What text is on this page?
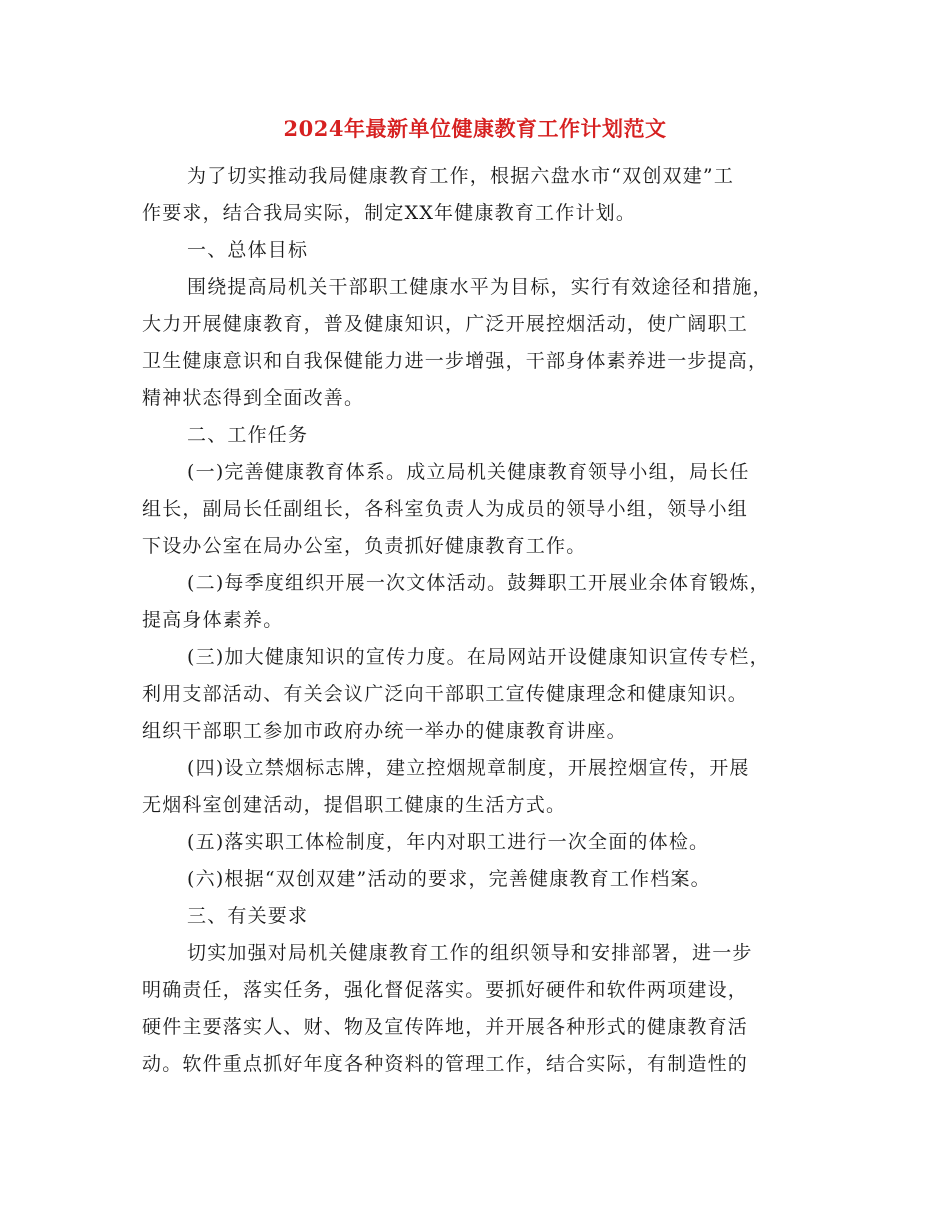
2024年最新单位健康教育工作计划范文
为了切实推动我局健康教育工作，根据六盘水市“双创双建”工
作要求，结合我局实际，制定XX年健康教育工作计划。
一、总体目标
围绕提高局机关干部职工健康水平为目标，实行有效途径和措施，
大力开展健康教育，普及健康知识，广泛开展控烟活动，使广阔职工
卫生健康意识和自我保健能力进一步增强，干部身体素养进一步提高，
精神状态得到全面改善。
二、工作任务
(一)完善健康教育体系。成立局机关健康教育领导小组，局长任
组长，副局长任副组长，各科室负责人为成员的领导小组，领导小组
下设办公室在局办公室，负责抓好健康教育工作。
(二)每季度组织开展一次文体活动。鼓舞职工开展业余体育锻炼，
提高身体素养。
(三)加大健康知识的宣传力度。在局网站开设健康知识宣传专栏，
利用支部活动、有关会议广泛向干部职工宣传健康理念和健康知识。
组织干部职工参加市政府办统一举办的健康教育讲座。
(四)设立禁烟标志牌，建立控烟规章制度，开展控烟宣传，开展
无烟科室创建活动，提倡职工健康的生活方式。
(五)落实职工体检制度，年内对职工进行一次全面的体检。
(六)根据“双创双建”活动的要求，完善健康教育工作档案。
三、有关要求
切实加强对局机关健康教育工作的组织领导和安排部署，进一步
明确责任，落实任务，强化督促落实。要抓好硬件和软件两项建设，
硬件主要落实人、财、物及宣传阵地，并开展各种形式的健康教育活
动。软件重点抓好年度各种资料的管理工作，结合实际，有制造性的
